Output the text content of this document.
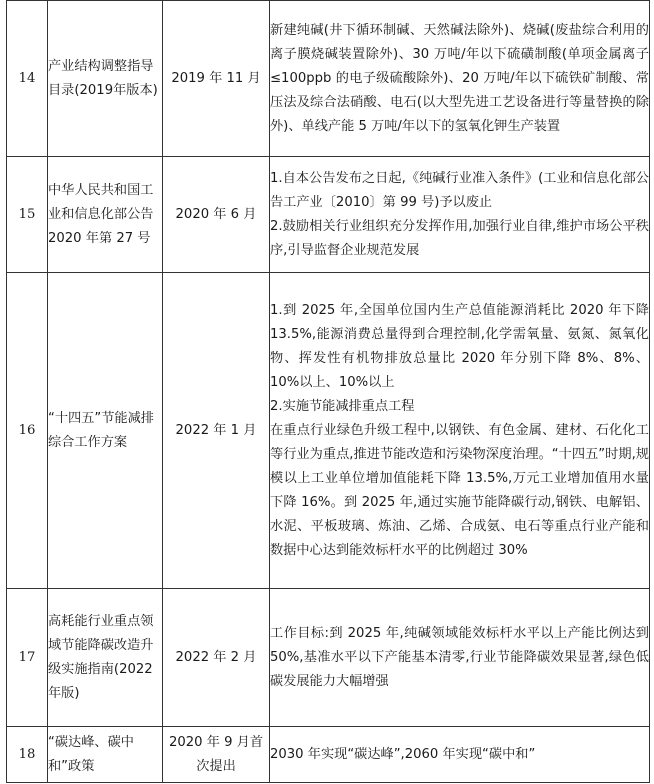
14	产业结构调整指导目录(2019年版本)	2019 年 11 月	新建纯碱(井下循环制碱、天然碱法除外)、烧碱(废盐综合利用的离子膜烧碱装置除外)、30 万吨/年以下硫磺制酸(单项金属离子≤100ppb 的电子级硫酸除外)、20 万吨/年以下硫铁矿制酸、常压法及综合法硝酸、电石(以大型先进工艺设备进行等量替换的除外)、单线产能 5 万吨/年以下的氢氧化钾生产装置

15	中华人民共和国工业和信息化部公告 2020 年第 27 号	2020 年 6 月	1.自本公告发布之日起,《纯碱行业准入条件》(工业和信息化部公告工产业〔2010〕第 99 号)予以废止
2.鼓励相关行业组织充分发挥作用,加强行业自律,维护市场公平秩序,引导监督企业规范发展

16	“十四五”节能减排综合工作方案	2022 年 1 月	1.到 2025 年,全国单位国内生产总值能源消耗比 2020 年下降 13.5%,能源消费总量得到合理控制,化学需氧量、氨氮、氮氧化物、挥发性有机物排放总量比 2020 年分别下降 8%、8%、10%以上、10%以上
2.实施节能减排重点工程
在重点行业绿色升级工程中,以钢铁、有色金属、建材、石化化工等行业为重点,推进节能改造和污染物深度治理。“十四五”时期,规模以上工业单位增加值能耗下降 13.5%,万元工业增加值用水量下降 16%。到 2025 年,通过实施节能降碳行动,钢铁、电解铝、水泥、平板玻璃、炼油、乙烯、合成氨、电石等重点行业产能和数据中心达到能效标杆水平的比例超过 30%

17	高耗能行业重点领域节能降碳改造升级实施指南(2022年版)	2022 年 2 月	工作目标:到 2025 年,纯碱领域能效标杆水平以上产能比例达到 50%,基准水平以下产能基本清零,行业节能降碳效果显著,绿色低碳发展能力大幅增强

18	“碳达峰、碳中和”政策	2020 年 9 月首次提出	2030 年实现“碳达峰”,2060 年实现“碳中和”
